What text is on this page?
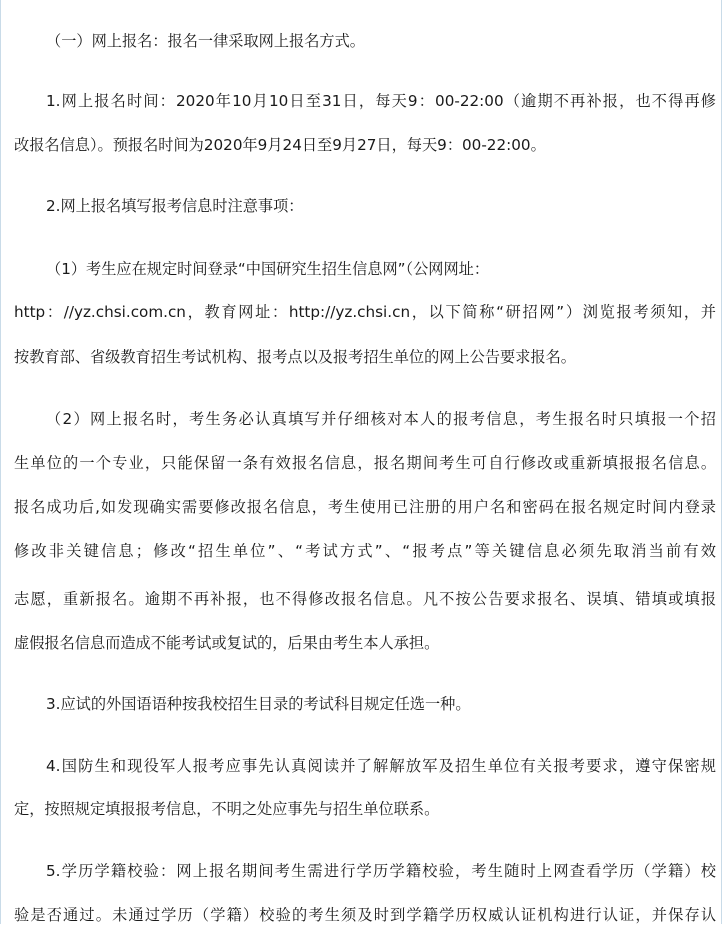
（一）网上报名：报名一律采取网上报名方式。
1.网上报名时间：2020年10月10日至31日，每天9：00-22:00（逾期不再补报，也不得再修
改报名信息）。预报名时间为2020年9月24日至9月27日，每天9：00-22:00。
2.网上报名填写报考信息时注意事项：
（1）考生应在规定时间登录“中国研究生招生信息网”（公网网址：
http：//yz.chsi.com.cn，教育网址：http://yz.chsi.cn，以下简称“研招网”）浏览报考须知，并
按教育部、省级教育招生考试机构、报考点以及报考招生单位的网上公告要求报名。
（2）网上报名时，考生务必认真填写并仔细核对本人的报考信息，考生报名时只填报一个招
生单位的一个专业，只能保留一条有效报名信息，报名期间考生可自行修改或重新填报报名信息。
报名成功后,如发现确实需要修改报名信息，考生使用已注册的用户名和密码在报名规定时间内登录
修改非关键信息；修改“招生单位”、“考试方式”、“报考点”等关键信息必须先取消当前有效
志愿，重新报名。逾期不再补报，也不得修改报名信息。凡不按公告要求报名、误填、错填或填报
虚假报名信息而造成不能考试或复试的，后果由考生本人承担。
3.应试的外国语语种按我校招生目录的考试科目规定任选一种。
4.国防生和现役军人报考应事先认真阅读并了解解放军及招生单位有关报考要求，遵守保密规
定，按照规定填报报考信息，不明之处应事先与招生单位联系。
5.学历学籍校验：网上报名期间考生需进行学历学籍校验，考生随时上网查看学历（学籍）校
验是否通过。未通过学历（学籍）校验的考生须及时到学籍学历权威认证机构进行认证，并保存认
